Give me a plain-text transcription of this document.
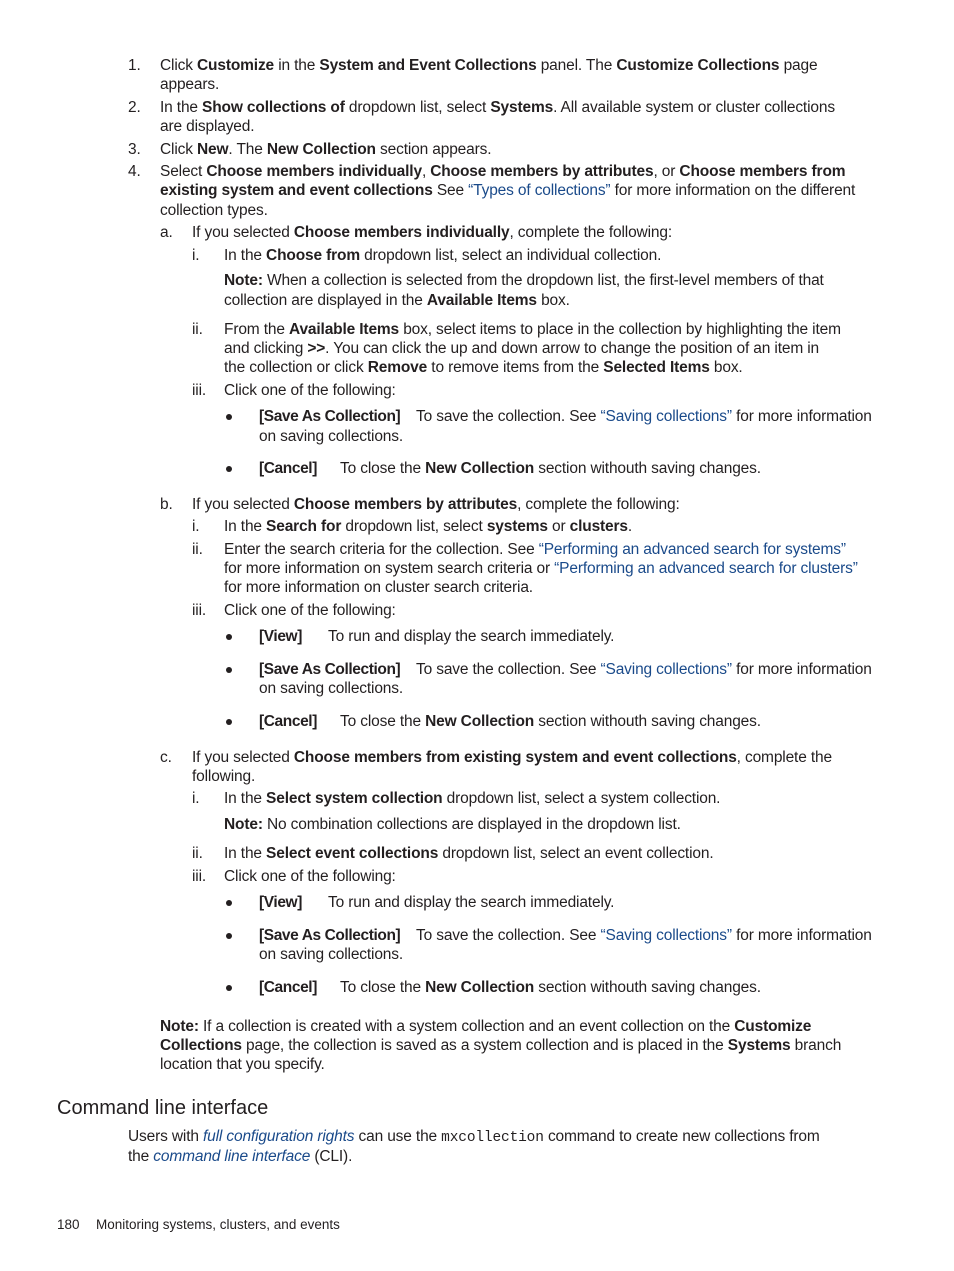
1. Click Customize in the System and Event Collections panel. The Customize Collections page
appears.
2. In the Show collections of dropdown list, select Systems. All available system or cluster collections
are displayed.
3. Click New. The New Collection section appears.
4. Select Choose members individually, Choose members by attributes, or Choose members from
existing system and event collections See “Types of collections” for more information on the different
collection types.
a. If you selected Choose members individually, complete the following:
i. In the Choose from dropdown list, select an individual collection.
Note: When a collection is selected from the dropdown list, the first-level members of that
collection are displayed in the Available Items box.
ii. From the Available Items box, select items to place in the collection by highlighting the item
and clicking >>. You can click the up and down arrow to change the position of an item in
the collection or click Remove to remove items from the Selected Items box.
iii. Click one of the following:
[Save As Collection] To save the collection. See “Saving collections” for more information
on saving collections.
[Cancel] To close the New Collection section withouth saving changes.
b. If you selected Choose members by attributes, complete the following:
i. In the Search for dropdown list, select systems or clusters.
ii. Enter the search criteria for the collection. See “Performing an advanced search for systems”
for more information on system search criteria or “Performing an advanced search for clusters”
for more information on cluster search criteria.
iii. Click one of the following:
[View] To run and display the search immediately.
[Save As Collection] To save the collection. See “Saving collections” for more information
on saving collections.
[Cancel] To close the New Collection section withouth saving changes.
c. If you selected Choose members from existing system and event collections, complete the
following.
i. In the Select system collection dropdown list, select a system collection.
Note: No combination collections are displayed in the dropdown list.
ii. In the Select event collections dropdown list, select an event collection.
iii. Click one of the following:
[View] To run and display the search immediately.
[Save As Collection] To save the collection. See “Saving collections” for more information
on saving collections.
[Cancel] To close the New Collection section withouth saving changes.
Note: If a collection is created with a system collection and an event collection on the Customize
Collections page, the collection is saved as a system collection and is placed in the Systems branch
location that you specify.
Command line interface
Users with full configuration rights can use the mxcollection command to create new collections from
the command line interface (CLI).
180 Monitoring systems, clusters, and events
